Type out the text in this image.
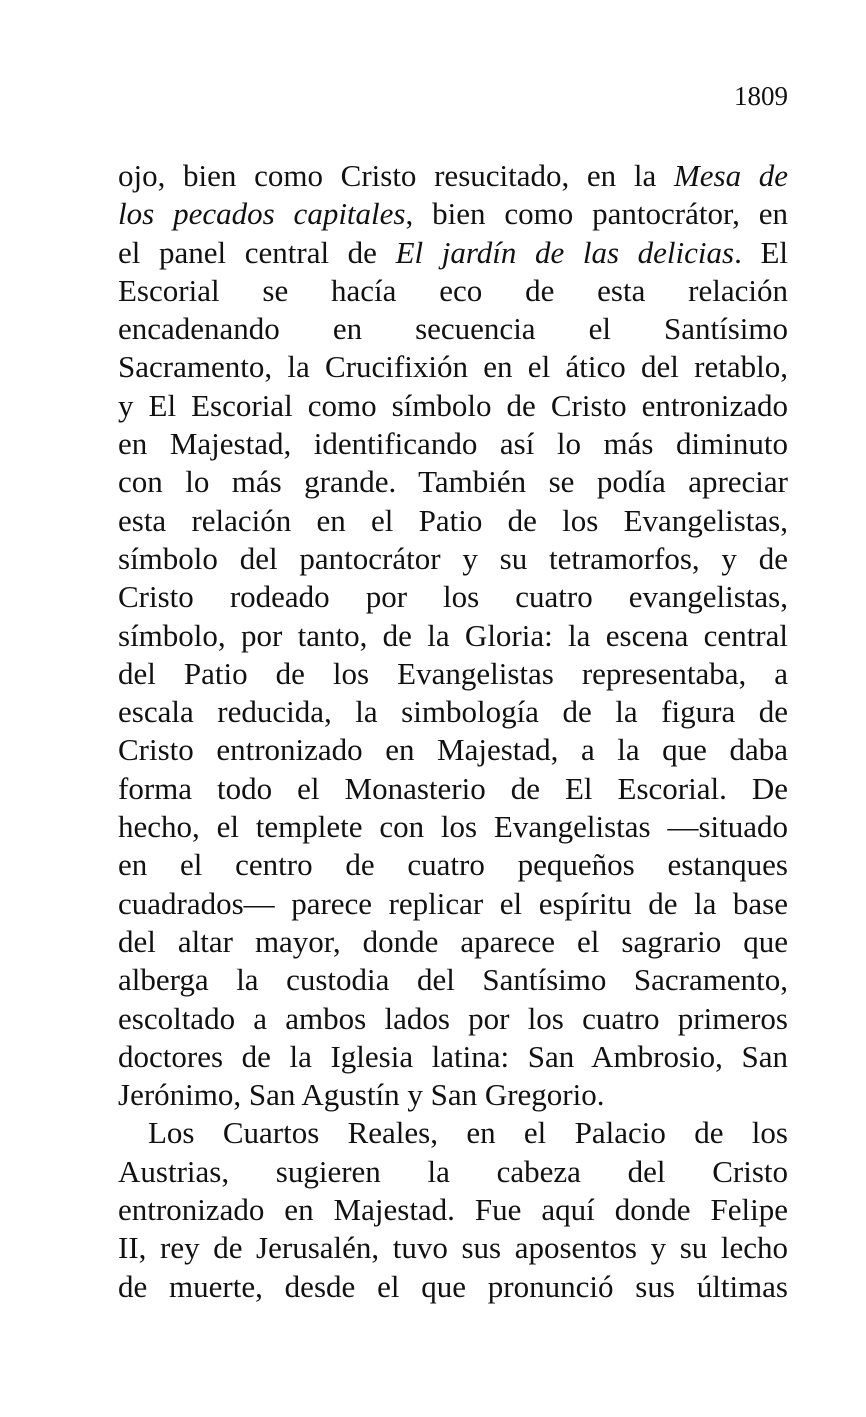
1809
ojo, bien como Cristo resucitado, en la Mesa de
los pecados capitales, bien como pantocrátor, en
el panel central de El jardín de las delicias. El
Escorial se hacía eco de esta relación
encadenando en secuencia el Santísimo
Sacramento, la Crucifixión en el ático del retablo,
y El Escorial como símbolo de Cristo entronizado
en Majestad, identificando así lo más diminuto
con lo más grande. También se podía apreciar
esta relación en el Patio de los Evangelistas,
símbolo del pantocrátor y su tetramorfos, y de
Cristo rodeado por los cuatro evangelistas,
símbolo, por tanto, de la Gloria: la escena central
del Patio de los Evangelistas representaba, a
escala reducida, la simbología de la figura de
Cristo entronizado en Majestad, a la que daba
forma todo el Monasterio de El Escorial. De
hecho, el templete con los Evangelistas —situado
en el centro de cuatro pequeños estanques
cuadrados— parece replicar el espíritu de la base
del altar mayor, donde aparece el sagrario que
alberga la custodia del Santísimo Sacramento,
escoltado a ambos lados por los cuatro primeros
doctores de la Iglesia latina: San Ambrosio, San
Jerónimo, San Agustín y San Gregorio.
Los Cuartos Reales, en el Palacio de los
Austrias, sugieren la cabeza del Cristo
entronizado en Majestad. Fue aquí donde Felipe
II, rey de Jerusalén, tuvo sus aposentos y su lecho
de muerte, desde el que pronunció sus últimas
